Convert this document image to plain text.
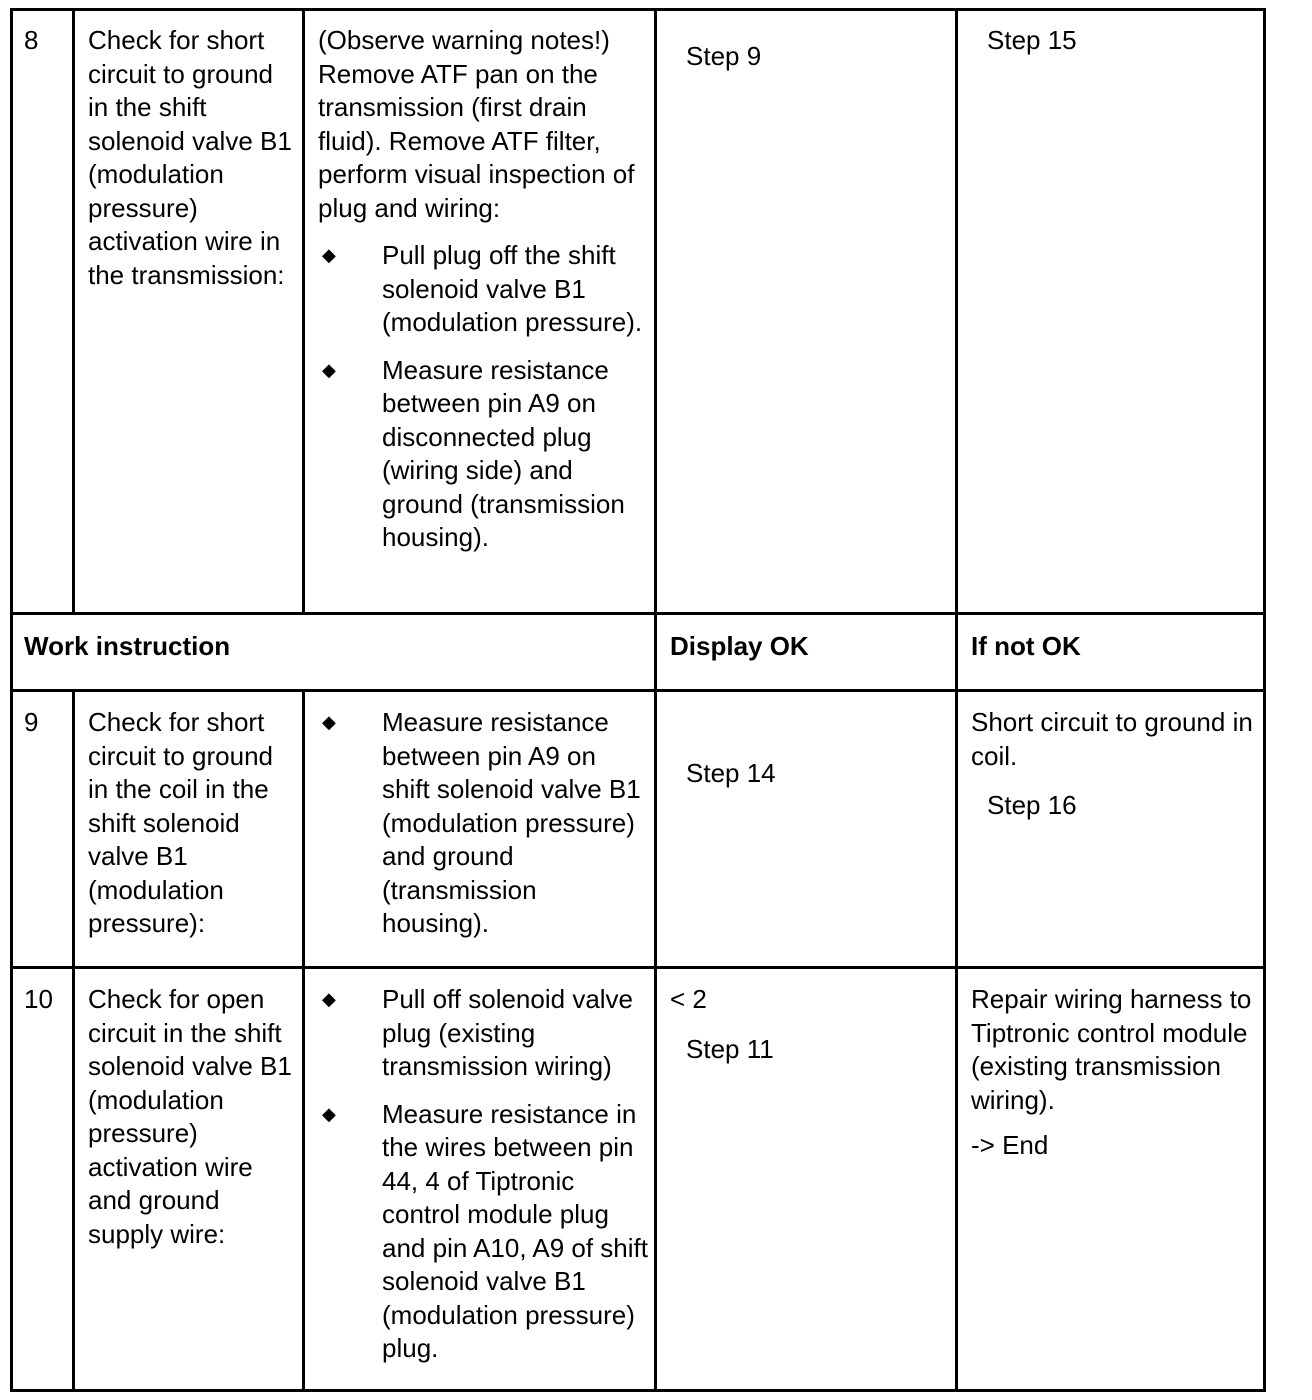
8 Check for short circuit to ground in the shift solenoid valve B1 (modulation pressure) activation wire in the transmission:

(Observe warning notes!) Remove ATF pan on the transmission (first drain fluid). Remove ATF filter, perform visual inspection of plug and wiring:

◆ Pull plug off the shift solenoid valve B1 (modulation pressure).
◆ Measure resistance between pin A9 on disconnected plug (wiring side) and ground (transmission housing).
Step 9
Step 15
Work instruction	Display OK	If not OK
9 Check for short circuit to ground in the coil in the shift solenoid valve B1 (modulation pressure):
◆ Measure resistance between pin A9 on shift solenoid valve B1 (modulation pressure) and ground (transmission housing).
Step 14
Short circuit to ground in coil.
Step 16
10 Check for open circuit in the shift solenoid valve B1 (modulation pressure) activation wire and ground supply wire:
◆ Pull off solenoid valve plug (existing transmission wiring)
◆ Measure resistance in the wires between pin 44, 4 of Tiptronic control module plug and pin A10, A9 of shift solenoid valve B1 (modulation pressure) plug.
< 2
Step 11
Repair wiring harness to Tiptronic control module (existing transmission wiring).
-> End
